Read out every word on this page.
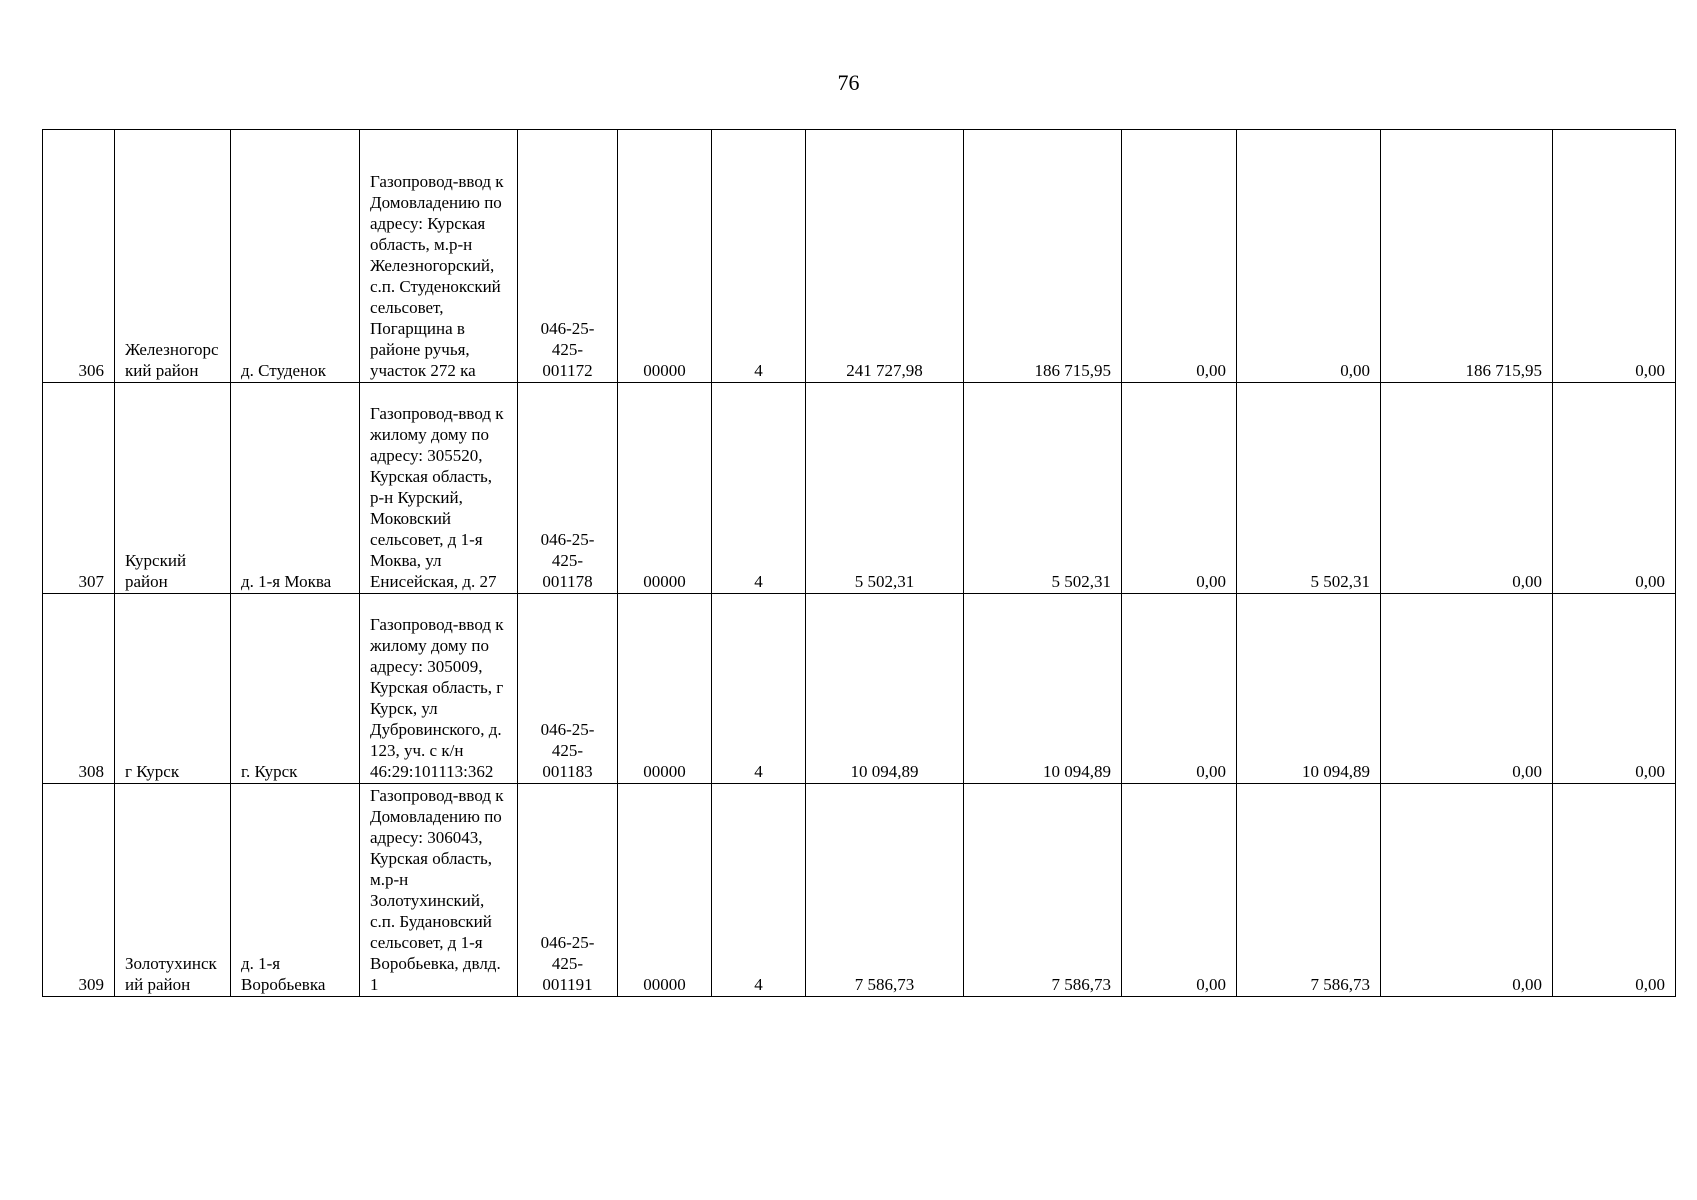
76
306	Железногорский район	д. Студенок	Газопровод-ввод к Домовладению по адресу: Курская область, м.р-н Железногорский, с.п. Студенокский сельсовет, Погарщина в районе ручья, участок 272 ка	046-25-425-001172	00000	4	241 727,98	186 715,95	0,00	0,00	186 715,95	0,00
307	Курский район	д. 1-я Моква	Газопровод-ввод к жилому дому по адресу: 305520, Курская область, р-н Курский, Моковский сельсовет, д 1-я Моква, ул Енисейская, д. 27	046-25-425-001178	00000	4	5 502,31	5 502,31	0,00	5 502,31	0,00	0,00
308	г Курск	г. Курск	Газопровод-ввод к жилому дому по адресу: 305009, Курская область, г Курск, ул Дубровинского, д. 123, уч. с к/н 46:29:101113:362	046-25-425-001183	00000	4	10 094,89	10 094,89	0,00	10 094,89	0,00	0,00
309	Золотухинский район	д. 1-я Воробьевка	Газопровод-ввод к Домовладению по адресу: 306043, Курская область, м.р-н Золотухинский, с.п. Будановский сельсовет, д 1-я Воробьевка, двлд. 1	046-25-425-001191	00000	4	7 586,73	7 586,73	0,00	7 586,73	0,00	0,00
